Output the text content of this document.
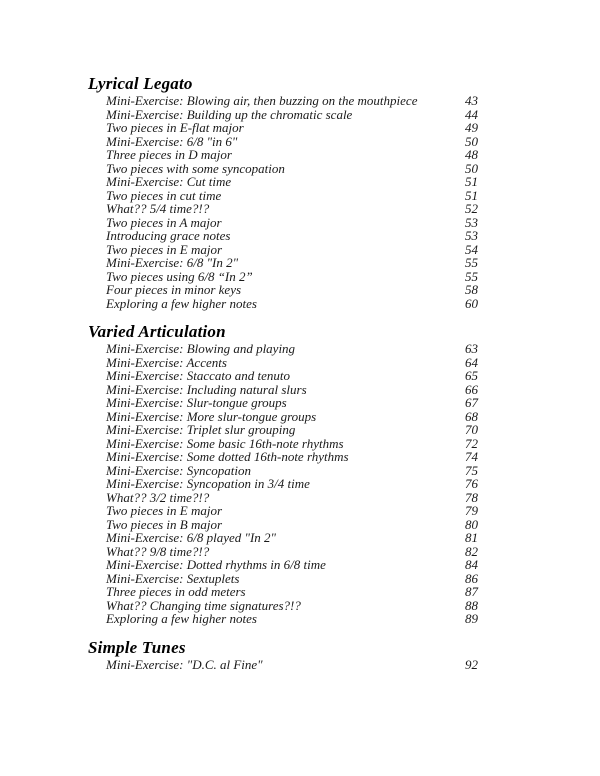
Lyrical Legato
Mini-Exercise: Blowing air, then buzzing on the mouthpiece	43
Mini-Exercise: Building up the chromatic scale	44
Two pieces in E-flat major	49
Mini-Exercise: 6/8 "in 6"	50
Three pieces in D major	48
Two pieces with some syncopation	50
Mini-Exercise: Cut time	51
Two pieces in cut time	51
What?? 5/4 time?!?	52
Two pieces in A major	53
Introducing grace notes	53
Two pieces in E major	54
Mini-Exercise: 6/8 "In 2"	55
Two pieces using 6/8 “In 2”	55
Four pieces in minor keys	58
Exploring a few higher notes	60
Varied Articulation
Mini-Exercise: Blowing and playing	63
Mini-Exercise: Accents	64
Mini-Exercise: Staccato and tenuto	65
Mini-Exercise: Including natural slurs	66
Mini-Exercise: Slur-tongue groups	67
Mini-Exercise: More slur-tongue groups	68
Mini-Exercise: Triplet slur grouping	70
Mini-Exercise: Some basic 16th-note rhythms	72
Mini-Exercise: Some dotted 16th-note rhythms	74
Mini-Exercise: Syncopation	75
Mini-Exercise: Syncopation in 3/4 time	76
What?? 3/2 time?!?	78
Two pieces in E major	79
Two pieces in B major	80
Mini-Exercise: 6/8 played "In 2"	81
What?? 9/8 time?!?	82
Mini-Exercise: Dotted rhythms in 6/8 time	84
Mini-Exercise: Sextuplets	86
Three pieces in odd meters	87
What?? Changing time signatures?!?	88
Exploring a few higher notes	89
Simple Tunes
Mini-Exercise: "D.C. al Fine"	92
